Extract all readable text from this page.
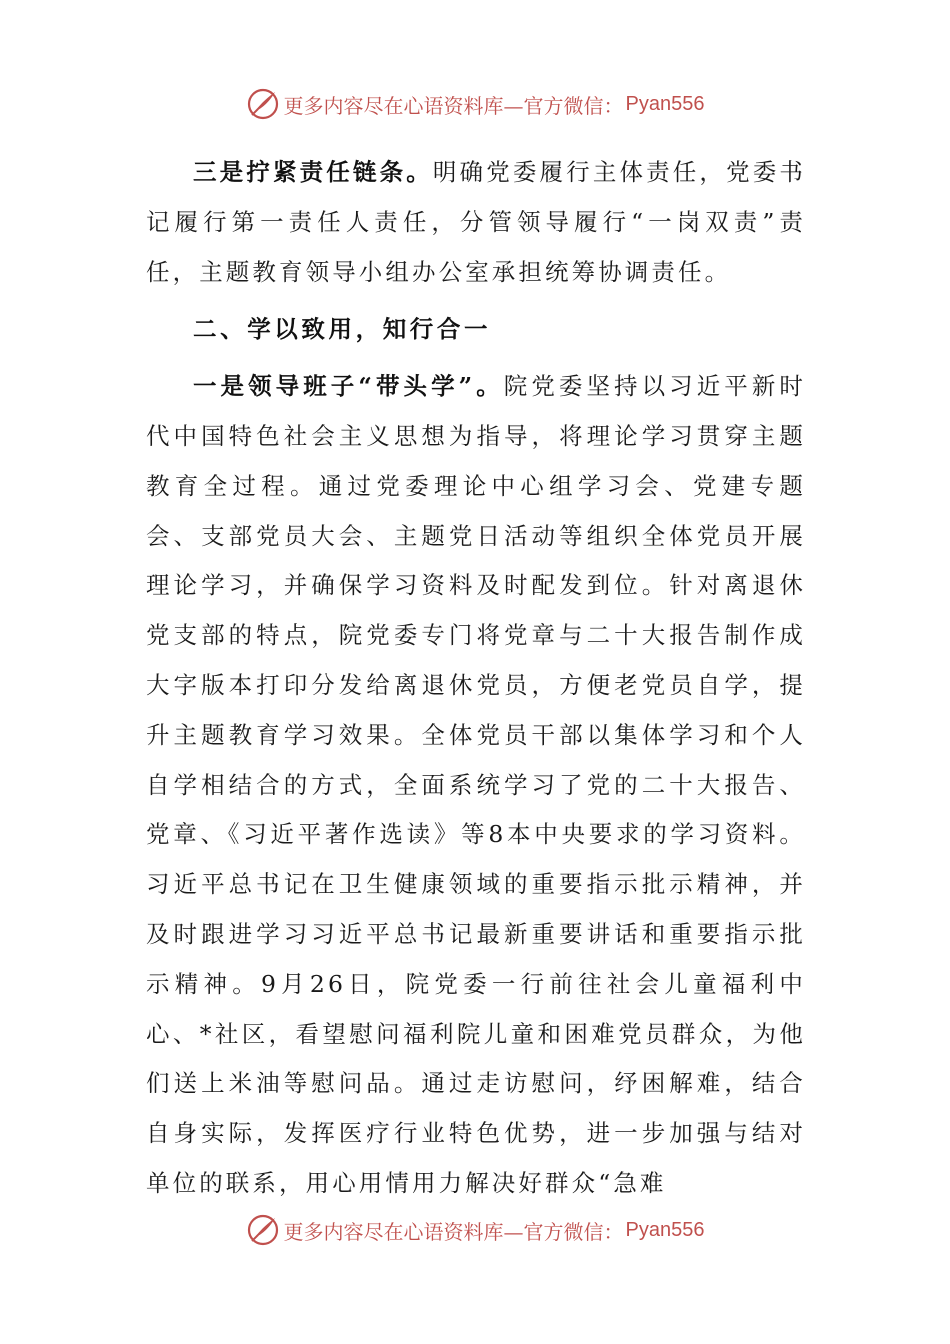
更多内容尽在心语资料库—官方微信： Pyan556

三是拧紧责任链条。明确党委履行主体责任，党委书记履行第一责任人责任，分管领导履行“一岗双责”责任，主题教育领导小组办公室承担统筹协调责任。

二、学以致用，知行合一

一是领导班子“带头学”。院党委坚持以习近平新时代中国特色社会主义思想为指导，将理论学习贯穿主题教育全过程。通过党委理论中心组学习会、党建专题会、支部党员大会、主题党日活动等组织全体党员开展理论学习，并确保学习资料及时配发到位。针对离退休党支部的特点，院党委专门将党章与二十大报告制作成大字版本打印分发给离退休党员，方便老党员自学，提升主题教育学习效果。全体党员干部以集体学习和个人自学相结合的方式，全面系统学习了党的二十大报告、党章、《习近平著作选读》等8本中央要求的学习资料。习近平总书记在卫生健康领域的重要指示批示精神，并及时跟进学习习近平总书记最新重要讲话和重要指示批示精神。9月26日，院党委一行前往社会儿童福利中心、*社区，看望慰问福利院儿童和困难党员群众，为他们送上米油等慰问品。通过走访慰问，纾困解难，结合自身实际，发挥医疗行业特色优势，进一步加强与结对单位的联系，用心用情用力解决好群众“急难

更多内容尽在心语资料库—官方微信： Pyan556
